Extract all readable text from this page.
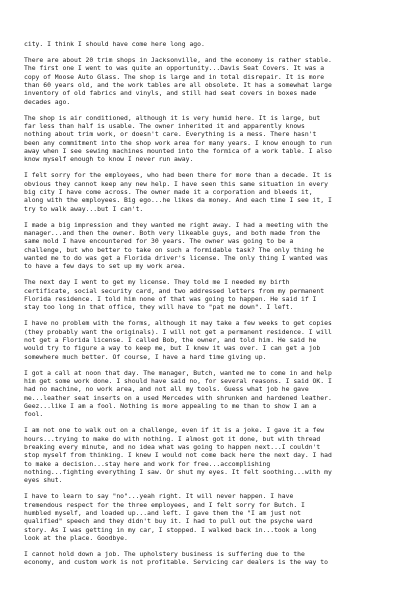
city. I think I should have come here long ago.
There are about 20 trim shops in Jacksonville, and the economy is rather stable.
The first one I went to was quite an opportunity...Davis Seat Covers. It was a
copy of Moose Auto Glass. The shop is large and in total disrepair. It is more
than 60 years old, and the work tables are all obsolete. It has a somewhat large
inventory of old fabrics and vinyls, and still had seat covers in boxes made
decades ago.
The shop is air conditioned, although it is very humid here. It is large, but
far less than half is usable. The owner inherited it and apparently knows
nothing about trim work, or doesn't care. Everything is a mess. There hasn't
been any commitment into the shop work area for many years. I know enough to run
away when I see sewing machines mounted into the formica of a work table. I also
know myself enough to know I never run away.
I felt sorry for the employees, who had been there for more than a decade. It is
obvious they cannot keep any new help. I have seen this same situation in every
big city I have come across. The owner made it a corporation and bleeds it,
along with the employees. Big ego...he likes da money. And each time I see it, I
try to walk away...but I can't.
I made a big impression and they wanted me right away. I had a meeting with the
manager...and then the owner. Both very likeable guys, and both made from the
same mold I have encountered for 30 years. The owner was going to be a
challenge, but who better to take on such a formidable task? The only thing he
wanted me to do was get a Florida driver's license. The only thing I wanted was
to have a few days to set up my work area.
The next day I went to get my license. They told me I needed my birth
certificate, social security card, and two addressed letters from my permanent
Florida residence. I told him none of that was going to happen. He said if I
stay too long in that office, they will have to "pat me down". I left.
I have no problem with the forms, although it may take a few weeks to get copies
(they probably want the originals). I will not get a permanent residence. I will
not get a Florida license. I called Bob, the owner, and told him. He said he
would try to figure a way to keep me, but I knew it was over. I can get a job
somewhere much better. Of course, I have a hard time giving up.
I got a call at noon that day. The manager, Butch, wanted me to come in and help
him get some work done. I should have said no, for several reasons. I said OK. I
had no machine, no work area, and not all my tools. Guess what job he gave
me...leather seat inserts on a used Mercedes with shrunken and hardened leather.
Geez...like I am a fool. Nothing is more appealing to me than to show I am a
fool.
I am not one to walk out on a challenge, even if it is a joke. I gave it a few
hours...trying to make do with nothing. I almost got it done, but with thread
breaking every minute, and no idea what was going to happen next...I couldn't
stop myself from thinking. I knew I would not come back here the next day. I had
to make a decision...stay here and work for free...accomplishing
nothing...fighting everything I saw. Or shut my eyes. It felt soothing...with my
eyes shut.
I have to learn to say "no"...yeah right. It will never happen. I have
tremendous respect for the three employees, and I felt sorry for Butch. I
humbled myself, and loaded up...and left. I gave them the "I am just not
qualified" speech and they didn't buy it. I had to pull out the psyche ward
story. As I was getting in my car, I stopped. I walked back in...took a long
look at the place. Goodbye.
I cannot hold down a job. The upholstery business is suffering due to the
economy, and custom work is not profitable. Servicing car dealers is the way to
